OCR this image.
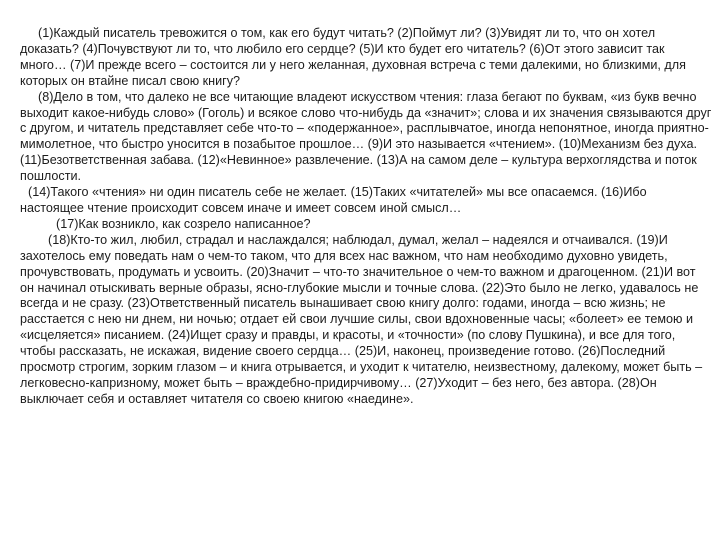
(1)Каждый писатель тревожится о том, как его будут читать? (2)Поймут ли? (3)Увидят ли то, что он хотел доказать? (4)Почувствуют ли то, что любило его сердце? (5)И кто будет его читатель? (6)От этого зависит так много… (7)И прежде всего – состоится ли у него желанная, духовная встреча с теми далекими, но близкими, для которых он втайне писал свою книгу?

(8)Дело в том, что далеко не все читающие владеют искусством чтения: глаза бегают по буквам, «из букв вечно выходит какое-нибудь слово» (Гоголь) и всякое слово что-нибудь да «значит»; слова и их значения связываются друг с другом, и читатель представляет себе что-то – «подержанное», расплывчатое, иногда непонятное, иногда приятно-мимолетное, что быстро уносится в позабытое прошлое… (9)И это называется «чтением». (10)Механизм без духа. (11)Безответственная забава. (12)«Невинное» развлечение. (13)А на самом деле – культура верхоглядства и поток пошлости.

(14)Такого «чтения» ни один писатель себе не желает. (15)Таких «читателей» мы все опасаемся. (16)Ибо настоящее чтение происходит совсем иначе и имеет совсем иной смысл…

(17)Как возникло, как созрело написанное?

(18)Кто-то жил, любил, страдал и наслаждался; наблюдал, думал, желал – надеялся и отчаивался. (19)И захотелось ему поведать нам о чем-то таком, что для всех нас важном, что нам необходимо духовно увидеть, прочувствовать, продумать и усвоить. (20)Значит – что-то значительное о чем-то важном и драгоценном. (21)И вот он начинал отыскивать верные образы, ясно-глубокие мысли и точные слова. (22)Это было не легко, удавалось не всегда и не сразу. (23)Ответственный писатель вынашивает свою книгу долго: годами, иногда – всю жизнь; не расстается с нею ни днем, ни ночью; отдает ей свои лучшие силы, свои вдохновенные часы; «болеет» ее темою и «исцеляется» писанием. (24)Ищет сразу и правды, и красоты, и «точности» (по слову Пушкина), и все для того, чтобы рассказать, не искажая, видение своего сердца… (25)И, наконец, произведение готово. (26)Последний просмотр строгим, зорким глазом – и книга отрывается, и уходит к читателю, неизвестному, далекому, может быть – легковесно-капризному, может быть – враждебно-придирчивому… (27)Уходит – без него, без автора. (28)Он выключает себя и оставляет читателя со своею книгою «наедине».
